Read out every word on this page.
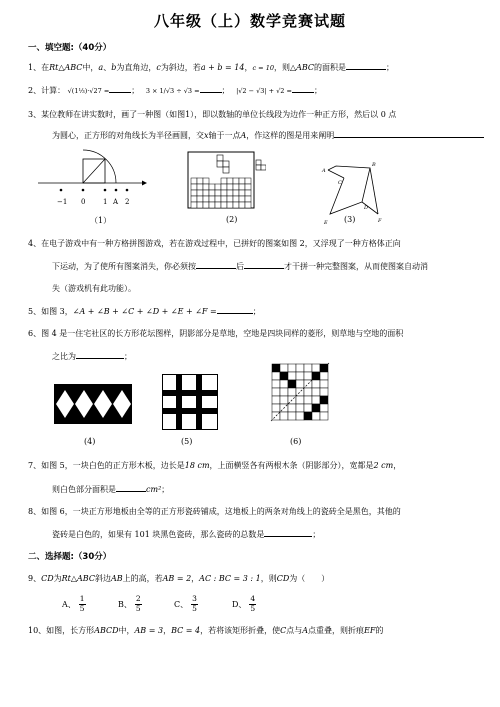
八年级（上）数学竞赛试题
一、填空题:（40分）
1、在Rt△ABC中，a、b为直角边，c为斜边，若a + b = 14，c = 10，则△ABC的面积是	；
2、计算： √(1⅓)·√27 =	； 3 × 1/√3 ÷ √3 =	； |√2 − √3| + √2 =	；
3、某位教师在讲实数时，画了一种图（如图1），即以数轴的单位长线段为边作一种正方形，然后以 0 点
为圆心，正方形的对角线长为半径画圆，交x轴于一点A，作这样的图是用来阐明
−1 0	1 A 2
A
B
C
D
E	F
（1）	(2)	(3)
4、在电子游戏中有一种方格拼图游戏，若在游戏过程中，已拼好的图案如图 2，又浮现了一种方格体正向
下运动，为了使所有图案消失，你必须按	后	才干拼一种完整图案，从而使图案自动消
失（游戏机有此功能）。
5、如图 3，∠A + ∠B + ∠C + ∠D + ∠E + ∠F =	；
6、图 4 是一住宅社区的长方形花坛图样，阴影部分是草地，空地是四块同样的菱形，则草地与空地的面积
之比为	；
(4)	(5)	(6)
7、如图 5，一块白色的正方形木板，边长是18 cm，上面横竖各有两根木条（阴影部分），宽都是2 cm，
则白色部分面积是	cm²；
8、如图 6，一块正方形地板由全等的正方形瓷砖铺成，这地板上的两条对角线上的瓷砖全是黑色，其他的
瓷砖是白色的，如果有 101 块黑色瓷砖，那么瓷砖的总数是	；
二、选择题:（30分）
9、CD为Rt△ABC斜边AB上的高，若AB = 2，AC : BC = 3 : 1，则CD为（　　）
A、 $\frac{1}{5}$	B、 $\frac{2}{5}$	C、 $\frac{3}{5}$	D、 $\frac{4}{5}$
10、如图，长方形ABCD中，AB = 3，BC = 4，若将该矩形折叠，使C点与A点重叠，则折痕EF的
